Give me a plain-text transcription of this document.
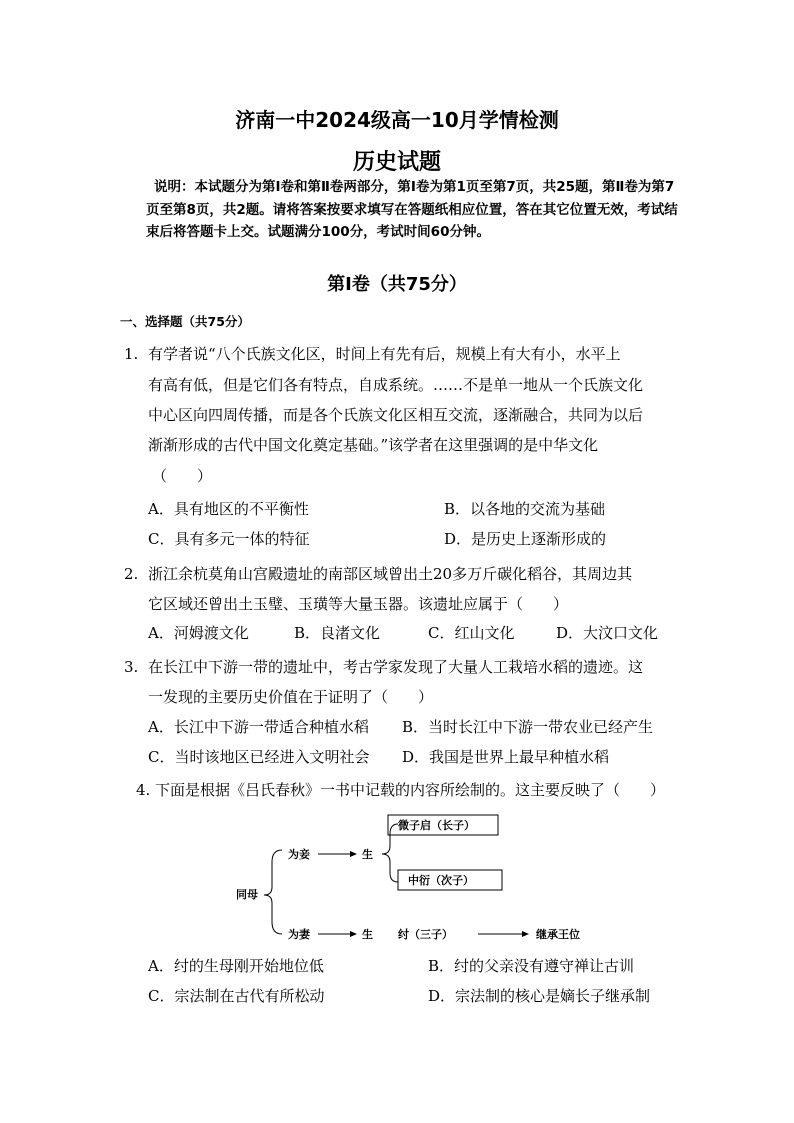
济南一中2024级高一10月学情检测
历史试题
说明：本试题分为第Ⅰ卷和第Ⅱ卷两部分，第Ⅰ卷为第1页至第7页，共25题，第Ⅱ卷为第7页至第8页，共2题。请将答案按要求填写在答题纸相应位置，答在其它位置无效，考试结束后将答题卡上交。试题满分100分，考试时间60分钟。
第Ⅰ卷（共75分）
一、选择题（共75分）
1. 有学者说“八个氏族文化区，时间上有先有后，规模上有大有小，水平上
有高有低，但是它们各有特点，自成系统。……不是单一地从一个氏族文化
中心区向四周传播，而是各个氏族文化区相互交流，逐渐融合，共同为以后
渐渐形成的古代中国文化奠定基础。”该学者在这里强调的是中华文化
（　　）
A．具有地区的不平衡性	B．以各地的交流为基础
C．具有多元一体的特征	D．是历史上逐渐形成的
2. 浙江余杭莫角山宫殿遗址的南部区域曾出土20多万斤碳化稻谷，其周边其
它区域还曾出土玉璧、玉璜等大量玉器。该遗址应属于（　　）
A．河姆渡文化	B．良渚文化	C．红山文化	D．大汶口文化
3. 在长江中下游一带的遗址中，考古学家发现了大量人工栽培水稻的遗迹。这
一发现的主要历史价值在于证明了（　　）
A．长江中下游一带适合种植水稻 B．当时长江中下游一带农业已经产生
C．当时该地区已经进入文明社会 D．我国是世界上最早种植水稻
4. 下面是根据《吕氏春秋》一书中记载的内容所绘制的。这主要反映了（　　）
同母
为妾	生
微子启（长子）
中衍（次子）
为妻	生 纣（三子）	继承王位
A．纣的生母刚开始地位低	B．纣的父亲没有遵守禅让古训
C．宗法制在古代有所松动	D．宗法制的核心是嫡长子继承制
